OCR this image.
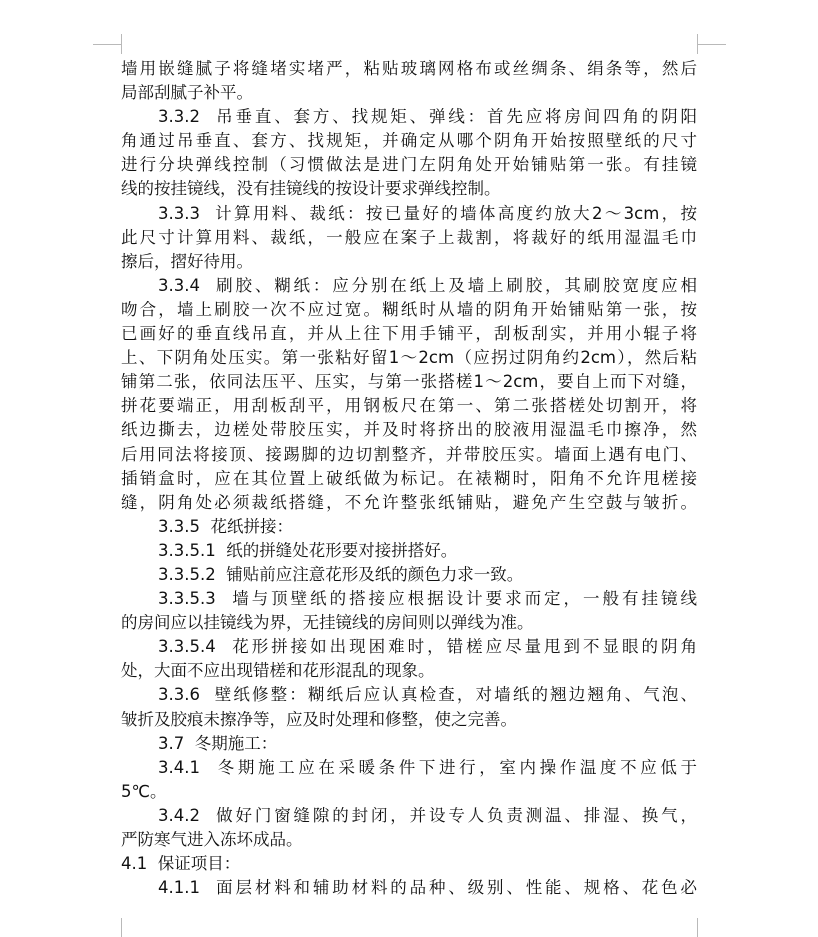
墙用嵌缝腻子将缝堵实堵严，粘贴玻璃网格布或丝绸条、绢条等，然后
局部刮腻子补平。
3.3.2  吊垂直、套方、找规矩、弹线：首先应将房间四角的阴阳
角通过吊垂直、套方、找规矩，并确定从哪个阴角开始按照壁纸的尺寸
进行分块弹线控制（习惯做法是进门左阴角处开始铺贴第一张。有挂镜
线的按挂镜线，没有挂镜线的按设计要求弹线控制。
3.3.3  计算用料、裁纸：按已量好的墙体高度约放大2～3cm，按
此尺寸计算用料、裁纸，一般应在案子上裁割，将裁好的纸用湿温毛巾
擦后，摺好待用。
3.3.4  刷胶、糊纸：应分别在纸上及墙上刷胶，其刷胶宽度应相
吻合，墙上刷胶一次不应过宽。糊纸时从墙的阴角开始铺贴第一张，按
已画好的垂直线吊直，并从上往下用手铺平，刮板刮实，并用小辊子将
上、下阴角处压实。第一张粘好留1～2cm（应拐过阴角约2cm），然后粘
铺第二张，依同法压平、压实，与第一张搭槎1～2cm，要自上而下对缝，
拼花要端正，用刮板刮平，用钢板尺在第一、第二张搭槎处切割开，将
纸边撕去，边槎处带胶压实，并及时将挤出的胶液用湿温毛巾擦净，然
后用同法将接顶、接踢脚的边切割整齐，并带胶压实。墙面上遇有电门、
插销盒时，应在其位置上破纸做为标记。在裱糊时，阳角不允许甩槎接
缝，阴角处必须裁纸搭缝，不允许整张纸铺贴，避免产生空鼓与皱折。
3.3.5  花纸拼接：
3.3.5.1  纸的拼缝处花形要对接拼搭好。
3.3.5.2  铺贴前应注意花形及纸的颜色力求一致。
3.3.5.3  墙与顶壁纸的搭接应根据设计要求而定，一般有挂镜线
的房间应以挂镜线为界，无挂镜线的房间则以弹线为准。
3.3.5.4  花形拼接如出现困难时，错槎应尽量甩到不显眼的阴角
处，大面不应出现错槎和花形混乱的现象。
3.3.6  壁纸修整：糊纸后应认真检查，对墙纸的翘边翘角、气泡、
皱折及胶痕未擦净等，应及时处理和修整，使之完善。
3.7  冬期施工：
3.4.1  冬期施工应在采暖条件下进行，室内操作温度不应低于
5℃。
3.4.2  做好门窗缝隙的封闭，并设专人负责测温、排湿、换气，
严防寒气进入冻坏成品。
4.1  保证项目：
4.1.1  面层材料和辅助材料的品种、级别、性能、规格、花色必
